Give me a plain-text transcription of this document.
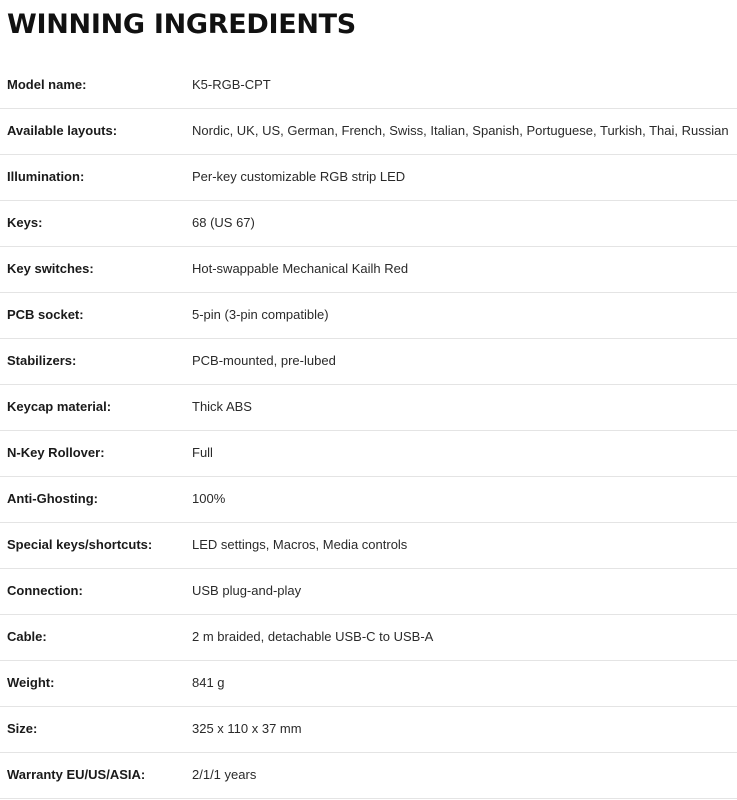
WINNING INGREDIENTS
Model name:	K5-RGB-CPT
Available layouts:	Nordic, UK, US, German, French, Swiss, Italian, Spanish, Portuguese, Turkish, Thai, Russian
Illumination:	Per-key customizable RGB strip LED
Keys:	68 (US 67)
Key switches:	Hot-swappable Mechanical Kailh Red
PCB socket:	5-pin (3-pin compatible)
Stabilizers:	PCB-mounted, pre-lubed
Keycap material:	Thick ABS
N-Key Rollover:	Full
Anti-Ghosting:	100%
Special keys/shortcuts:	LED settings, Macros, Media controls
Connection:	USB plug-and-play
Cable:	2 m braided, detachable USB-C to USB-A
Weight:	841 g
Size:	325 x 110 x 37 mm
Warranty EU/US/ASIA:	2/1/1 years
